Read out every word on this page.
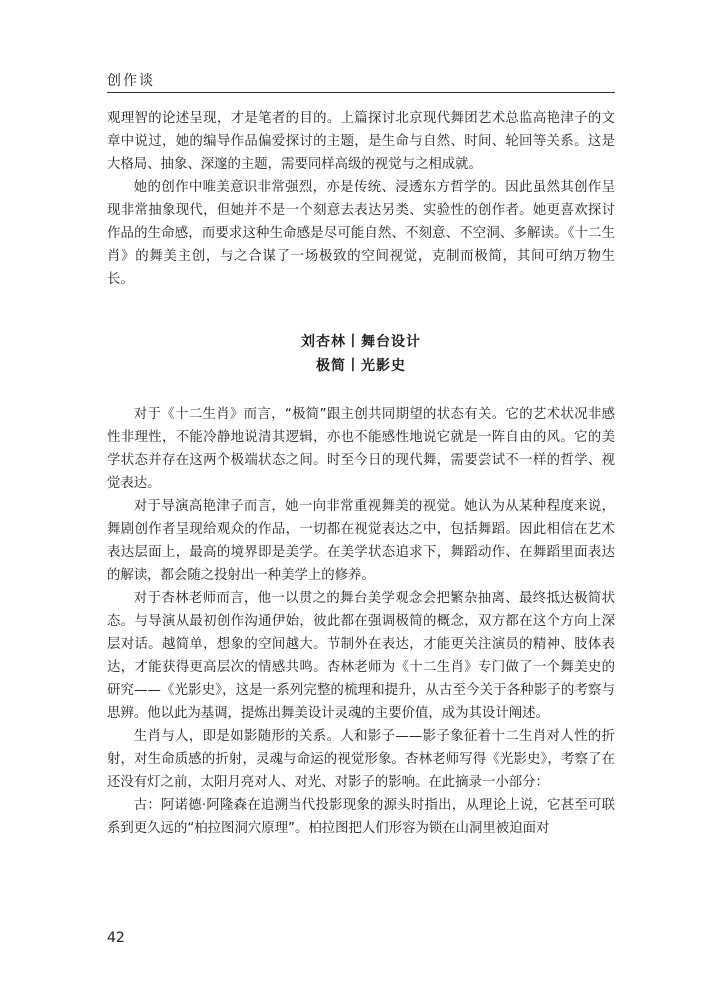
创作谈

观理智的论述呈现，才是笔者的目的。上篇探讨北京现代舞团艺术总监高艳津子的文章中说过，她的编导作品偏爱探讨的主题，是生命与自然、时间、轮回等关系。这是大格局、抽象、深邃的主题，需要同样高级的视觉与之相成就。

她的创作中唯美意识非常强烈，亦是传统、浸透东方哲学的。因此虽然其创作呈现非常抽象现代，但她并不是一个刻意去表达另类、实验性的创作者。她更喜欢探讨作品的生命感，而要求这种生命感是尽可能自然、不刻意、不空洞、多解读。《十二生肖》的舞美主创，与之合谋了一场极致的空间视觉，克制而极简，其间可纳万物生长。

刘杏林丨舞台设计
极简丨光影史

对于《十二生肖》而言，“极简”跟主创共同期望的状态有关。它的艺术状况非感性非理性，不能冷静地说清其逻辑，亦也不能感性地说它就是一阵自由的风。它的美学状态并存在这两个极端状态之间。时至今日的现代舞，需要尝试不一样的哲学、视觉表达。

对于导演高艳津子而言，她一向非常重视舞美的视觉。她认为从某种程度来说，舞剧创作者呈现给观众的作品，一切都在视觉表达之中，包括舞蹈。因此相信在艺术表达层面上，最高的境界即是美学。在美学状态追求下，舞蹈动作、在舞蹈里面表达的解读，都会随之投射出一种美学上的修养。

对于杏林老师而言，他一以贯之的舞台美学观念会把繁杂抽离、最终抵达极简状态。与导演从最初创作沟通伊始，彼此都在强调极简的概念，双方都在这个方向上深层对话。越简单，想象的空间越大。节制外在表达，才能更关注演员的精神、肢体表达，才能获得更高层次的情感共鸣。杏林老师为《十二生肖》专门做了一个舞美史的研究——《光影史》，这是一系列完整的梳理和提升，从古至今关于各种影子的考察与思辨。他以此为基调，提炼出舞美设计灵魂的主要价值，成为其设计阐述。

生肖与人，即是如影随形的关系。人和影子——影子象征着十二生肖对人性的折射，对生命质感的折射，灵魂与命运的视觉形象。杏林老师写得《光影史》，考察了在还没有灯之前，太阳月亮对人、对光、对影子的影响。在此摘录一小部分：

古：阿诺德·阿隆森在追溯当代投影现象的源头时指出，从理论上说，它甚至可联系到更久远的“柏拉图洞穴原理”。柏拉图把人们形容为锁在山洞里被迫面对

42
